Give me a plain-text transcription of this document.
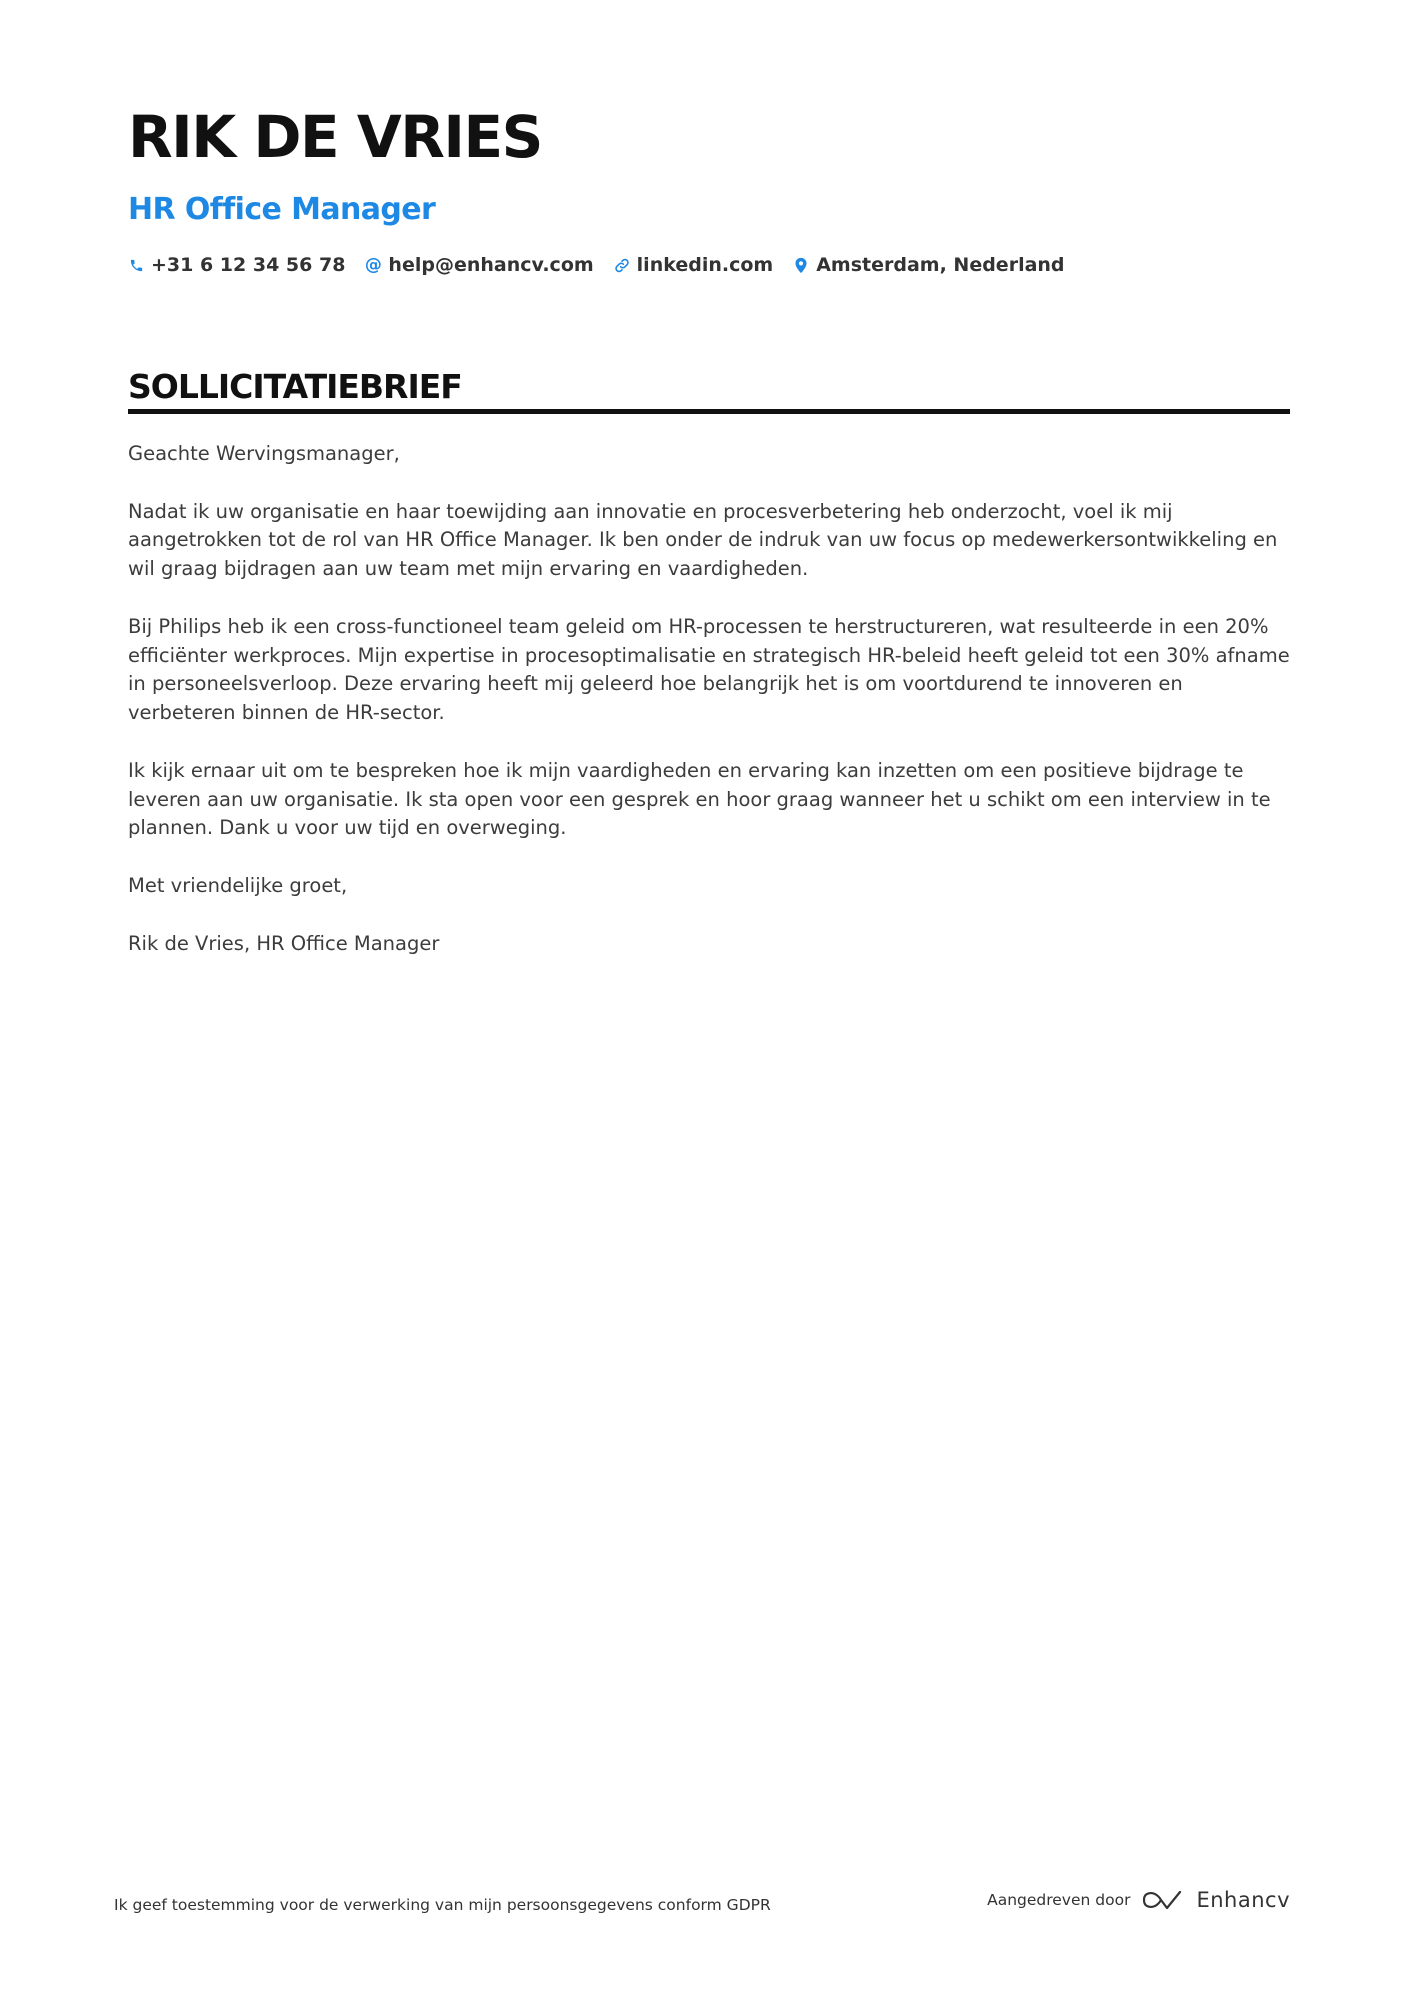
RIK DE VRIES
HR Office Manager
+31 6 12 34 56 78 @ help@enhancv.com linkedin.com Amsterdam, Nederland
SOLLICITATIEBRIEF

Geachte Wervingsmanager,

Nadat ik uw organisatie en haar toewijding aan innovatie en procesverbetering heb onderzocht, voel ik mij aangetrokken tot de rol van HR Office Manager. Ik ben onder de indruk van uw focus op medewerkersontwikkeling en wil graag bijdragen aan uw team met mijn ervaring en vaardigheden.

Bij Philips heb ik een cross-functioneel team geleid om HR-processen te herstructureren, wat resulteerde in een 20% efficiënter werkproces. Mijn expertise in procesoptimalisatie en strategisch HR-beleid heeft geleid tot een 30% afname in personeelsverloop. Deze ervaring heeft mij geleerd hoe belangrijk het is om voortdurend te innoveren en verbeteren binnen de HR-sector.

Ik kijk ernaar uit om te bespreken hoe ik mijn vaardigheden en ervaring kan inzetten om een positieve bijdrage te leveren aan uw organisatie. Ik sta open voor een gesprek en hoor graag wanneer het u schikt om een interview in te plannen. Dank u voor uw tijd en overweging.

Met vriendelijke groet,

Rik de Vries, HR Office Manager

Ik geef toestemming voor de verwerking van mijn persoonsgegevens conform GDPR	Aangedreven door	Enhancv
